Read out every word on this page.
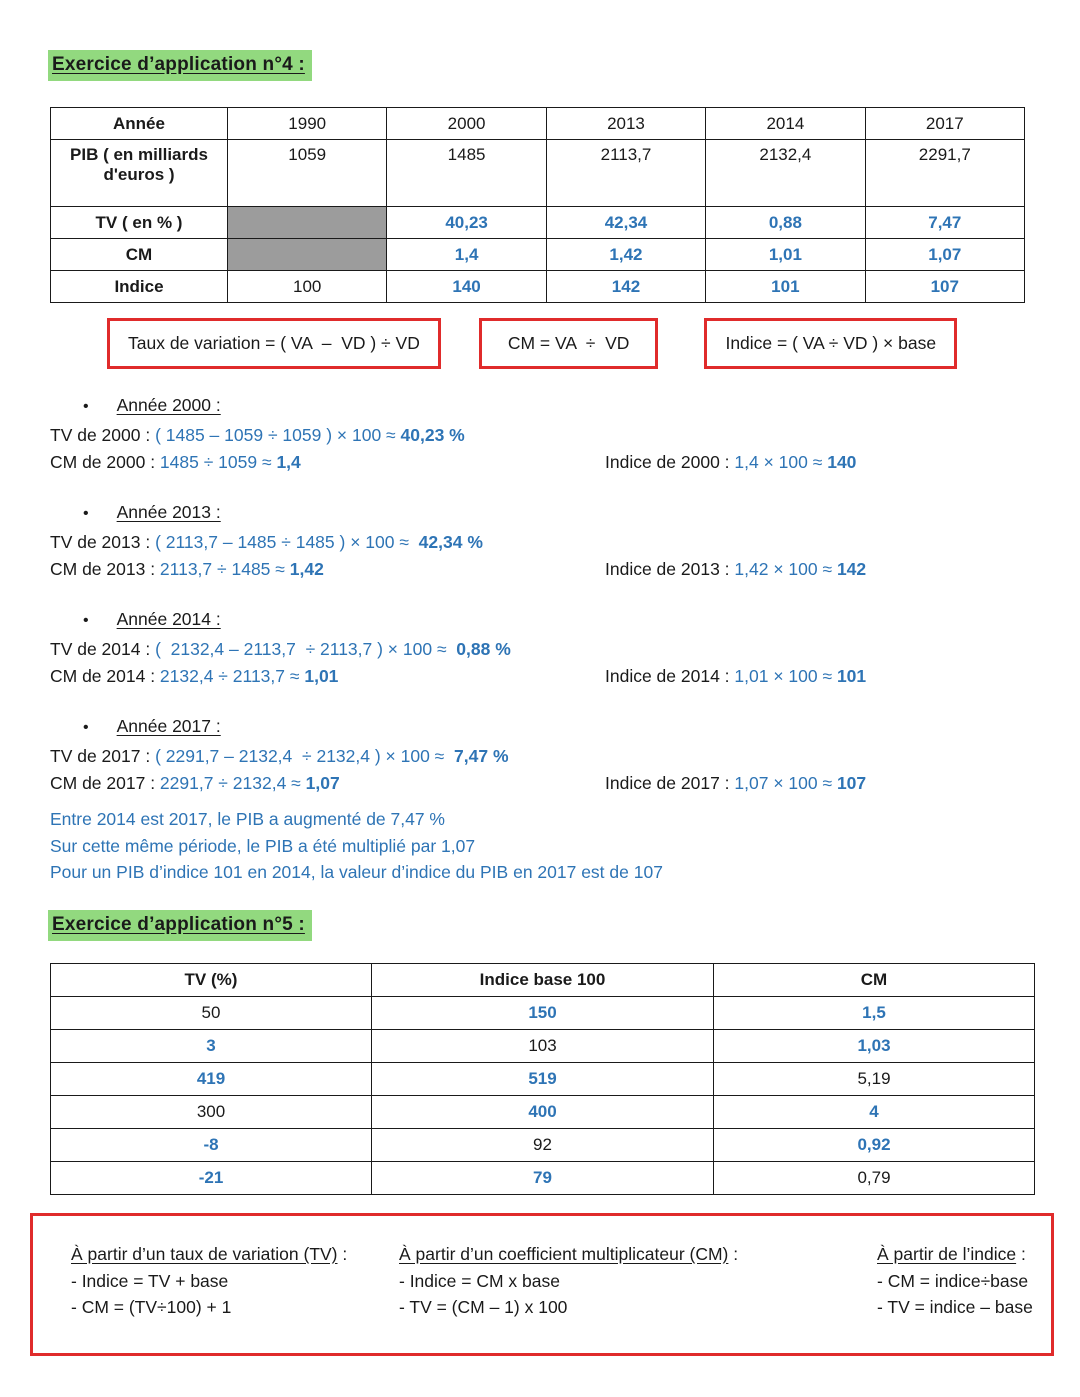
Exercice d’application n°4 :
Année	1990	2000	2013	2014	2017
PIB ( en milliards d'euros )	1059	1485	2113,7	2132,4	2291,7
TV ( en % )		40,23	42,34	0,88	7,47
CM		1,4	1,42	1,01	1,07
Indice	100	140	142	101	107
Taux de variation = ( VA  –  VD ) ÷ VD	CM = VA  ÷  VD	Indice = ( VA ÷ VD ) × base
• Année 2000 :
TV de 2000 : ( 1485 – 1059 ÷ 1059 ) × 100 ≈ 40,23 %
CM de 2000 : 1485 ÷ 1059 ≈ 1,4	Indice de 2000 : 1,4 × 100 ≈ 140
• Année 2013 :
TV de 2013 : ( 2113,7 – 1485 ÷ 1485 ) × 100 ≈  42,34 %
CM de 2013 : 2113,7 ÷ 1485 ≈ 1,42	Indice de 2013 : 1,42 × 100 ≈ 142
• Année 2014 :
TV de 2014 : (  2132,4 – 2113,7  ÷ 2113,7 ) × 100 ≈  0,88 %
CM de 2014 : 2132,4 ÷ 2113,7 ≈ 1,01	Indice de 2014 : 1,01 × 100 ≈ 101
• Année 2017 :
TV de 2017 : ( 2291,7 – 2132,4  ÷ 2132,4 ) × 100 ≈  7,47 %
CM de 2017 : 2291,7 ÷ 2132,4 ≈ 1,07	Indice de 2017 : 1,07 × 100 ≈ 107

Entre 2014 est 2017, le PIB a augmenté de 7,47 %

Sur cette même période, le PIB a été multiplié par 1,07

Pour un PIB d’indice 101 en 2014, la valeur d’indice du PIB en 2017 est de 107

Exercice d’application n°5 :
TV (%)	Indice base 100	CM
50	150	1,5
3	103	1,03
419	519	5,19
300	400	4
-8	92	0,92
-21	79	0,79
À partir d’un taux de variation (TV) :
- Indice = TV + base
- CM = (TV÷100) + 1
À partir d’un coefficient multiplicateur (CM) :
- Indice = CM x base
- TV = (CM – 1) x 100
À partir de l’indice :
- CM = indice÷base
- TV = indice – base
